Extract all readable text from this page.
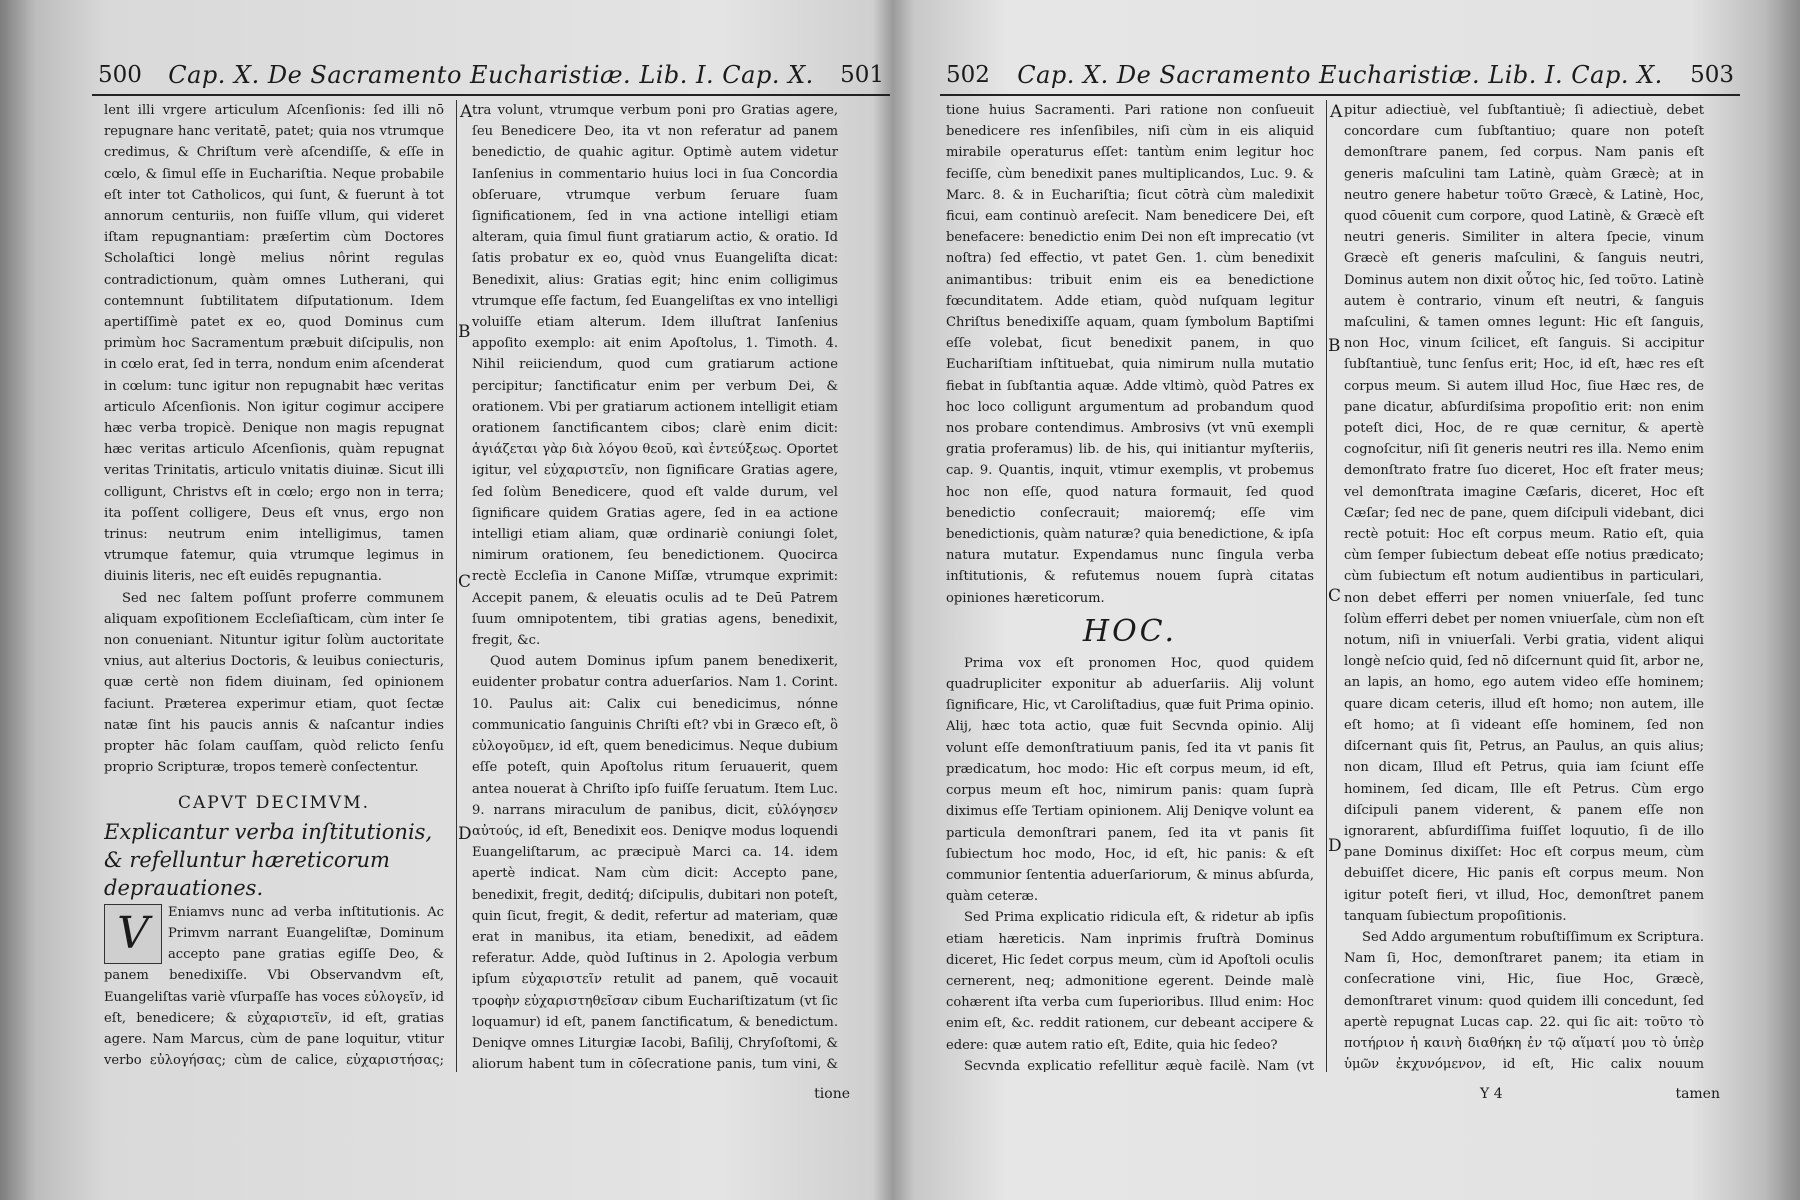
500	Cap. X. De Sacramento Eucharistiæ. Lib. I. Cap. X.	501
A
B
C
D

lent illi vrgere articulum Aſcenſionis: ſed illi nō repugnare hanc veritatē, patet; quia nos vtrumque credimus, & Chriſtum verè aſcendiſſe, & eſſe in cœlo, & ſimul eſſe in Euchariſtia. Neque probabile eſt inter tot Catholicos, qui ſunt, & fuerunt à tot annorum centuriis, non fuiſſe vllum, qui videret iſtam repugnantiam: præſertim cùm Doctores Scholaſtici longè melius nôrint regulas contradictionum, quàm omnes Lutherani, qui contemnunt ſubtilitatem diſputationum. Idem apertiſſimè patet ex eo, quod Dominus cum primùm hoc Sacramentum præbuit diſcipulis, non in cœlo erat, ſed in terra, nondum enim aſcenderat in cœlum: tunc igitur non repugnabit hæc veritas articulo Aſcenſionis. Non igitur cogimur accipere hæc verba tropicè. Denique non magis repugnat hæc veritas articulo Aſcenſionis, quàm repugnat veritas Trinitatis, articulo vnitatis diuinæ. Sicut illi colligunt, Christvs eſt in cœlo; ergo non in terra; ita poſſent colligere, Deus eſt vnus, ergo non trinus: neutrum enim intelligimus, tamen vtrumque fatemur, quia vtrumque legimus in diuinis literis, nec eſt euidēs repugnantia.

Sed nec ſaltem poſſunt proferre communem aliquam expoſitionem Eccleſiaſticam, cùm inter ſe non conueniant. Nituntur igitur ſolùm auctoritate vnius, aut alterius Doctoris, & leuibus coniecturis, quæ certè non fidem diuinam, ſed opinionem faciunt. Præterea experimur etiam, quot ſectæ natæ ſint his paucis annis & naſcantur indies propter hāc ſolam cauſſam, quòd relicto ſenſu proprio Scripturæ, tropos temerè conſectentur.

CAPVT DECIMVM.
Explicantur verba inſtitutionis, & refelluntur hæreticorum deprauationes.
V	Eniamvs nunc ad verba inſtitutionis. Ac Primvm narrant Euangeliſtæ, Dominum accepto pane gratias egiſſe Deo, & panem benedixiſſe. Vbi Observandvm eſt, Euangeliſtas variè vſurpaſſe has voces εὐλογεῖν, id eſt, benedicere; & εὐχαριστεῖν, id eſt, gratias agere. Nam Marcus, cùm de pane loquitur, vtitur verbo εὐλογήσας; cùm de calice, εὐχαριστήσας;

tra volunt, vtrumque verbum poni pro Gratias agere, ſeu Benedicere Deo, ita vt non referatur ad panem benedictio, de quahic agitur. Optimè autem videtur Ianſenius in commentario huius loci in ſua Concordia obſeruare, vtrumque verbum ſeruare ſuam ſignificationem, ſed in vna actione intelligi etiam alteram, quia ſimul fiunt gratiarum actio, & oratio. Id ſatis probatur ex eo, quòd vnus Euangeliſta dicat: Benedixit, alius: Gratias egit; hinc enim colligimus vtrumque eſſe factum, ſed Euangeliſtas ex vno intelligi voluiſſe etiam alterum. Idem illuſtrat Ianſenius appoſito exemplo: ait enim Apoſtolus, 1. Timoth. 4. Nihil reiiciendum, quod cum gratiarum actione percipitur; ſanctificatur enim per verbum Dei, & orationem. Vbi per gratiarum actionem intelligit etiam orationem ſanctificantem cibos; clarè enim dicit: ἁγιάζεται γὰρ διὰ λόγου θεοῦ, καὶ ἐντεύξεως. Oportet igitur, vel εὐχαριστεῖν, non ſignificare Gratias agere, ſed ſolùm Benedicere, quod eſt valde durum, vel ſignificare quidem Gratias agere, ſed in ea actione intelligi etiam aliam, quæ ordinariè coniungi ſolet, nimirum orationem, ſeu benedictionem. Quocirca rectè Eccleſia in Canone Miſſæ, vtrumque exprimit: Accepit panem, & eleuatis oculis ad te Deū Patrem ſuum omnipotentem, tibi gratias agens, benedixit, fregit, &c.

Quod autem Dominus ipſum panem benedixerit, euidenter probatur contra aduerſarios. Nam 1. Corint. 10. Paulus ait: Calix cui benedicimus, nónne communicatio ſanguinis Chriſti eſt? vbi in Græco eſt, ὃ εὐλογοῦμεν, id eſt, quem benedicimus. Neque dubium eſſe poteſt, quin Apoſtolus ritum ſeruauerit, quem antea nouerat à Chriſto ipſo fuiſſe ſeruatum. Item Luc. 9. narrans miraculum de panibus, dicit, εὐλόγησεν αὐτούς, id eſt, Benedixit eos. Deniqve modus loquendi Euangeliſtarum, ac præcipuè Marci ca. 14. idem apertè indicat. Nam cùm dicit: Accepto pane, benedixit, fregit, deditq́; diſcipulis, dubitari non poteſt, quin ſicut, fregit, & dedit, refertur ad materiam, quæ erat in manibus, ita etiam, benedixit, ad eādem referatur. Adde, quòd Iuſtinus in 2. Apologia verbum ipſum εὐχαριστεῖν retulit ad panem, quē vocauit τροφὴν εὐχαριστηθεῖσαν cibum Euchariſtizatum (vt ſic loquamur) id eſt, panem ſanctificatum, & benedictum. Deniqve omnes Liturgiæ Iacobi, Baſilij, Chryſoſtomi, & aliorum habent tum in cōſecratione panis, tum vini, &

tione
502	Cap. X. De Sacramento Eucharistiæ. Lib. I. Cap. X.	503
A
B
C
D

tione huius Sacramenti. Pari ratione non conſueuit benedicere res inſenſibiles, niſi cùm in eis aliquid mirabile operaturus eſſet: tantùm enim legitur hoc feciſſe, cùm benedixit panes multiplicandos, Luc. 9. & Marc. 8. & in Euchariſtia; ſicut cōtrà cùm maledixit ficui, eam continuò areſecit. Nam benedicere Dei, eſt benefacere: benedictio enim Dei non eſt imprecatio (vt noſtra) ſed effectio, vt patet Gen. 1. cùm benedixit animantibus: tribuit enim eis ea benedictione fœcunditatem. Adde etiam, quòd nuſquam legitur Chriſtus benedixiſſe aquam, quam ſymbolum Baptiſmi eſſe volebat, ſicut benedixit panem, in quo Euchariſtiam inſtituebat, quia nimirum nulla mutatio fiebat in ſubſtantia aquæ. Adde vltimò, quòd Patres ex hoc loco colligunt argumentum ad probandum quod nos probare contendimus. Ambrosivs (vt vnū exempli gratia proferamus) lib. de his, qui initiantur myſteriis, cap. 9. Quantis, inquit, vtimur exemplis, vt probemus hoc non eſſe, quod natura formauit, ſed quod benedictio conſecrauit; maioremq́; eſſe vim benedictionis, quàm naturæ? quia benedictione, & ipſa natura mutatur. Expendamus nunc ſingula verba inſtitutionis, & refutemus nouem ſuprà citatas opiniones hæreticorum.

HOC.

Prima vox eſt pronomen Hoc, quod quidem quadrupliciter exponitur ab aduerſariis. Alij volunt ſignificare, Hic, vt Caroliſtadius, quæ fuit Prima opinio. Alij, hæc tota actio, quæ fuit Secvnda opinio. Alij volunt eſſe demonſtratiuum panis, ſed ita vt panis ſit prædicatum, hoc modo: Hic eſt corpus meum, id eſt, corpus meum eſt hoc, nimirum panis: quam ſuprà diximus eſſe Tertiam opinionem. Alij Deniqve volunt ea particula demonſtrari panem, ſed ita vt panis ſit ſubiectum hoc modo, Hoc, id eſt, hic panis: & eſt communior ſententia aduerſariorum, & minus abſurda, quàm ceteræ.

Sed Prima explicatio ridicula eſt, & ridetur ab ipſis etiam hæreticis. Nam inprimis fruſtrà Dominus diceret, Hic ſedet corpus meum, cùm id Apoſtoli oculis cernerent, neq; admonitione egerent. Deinde malè cohærent iſta verba cum ſuperioribus. Illud enim: Hoc enim eſt, &c. reddit rationem, cur debeant accipere & edere: quæ autem ratio eſt, Edite, quia hic ſedeo?

Secvnda explicatio refellitur æquè facilè. Nam (vt

pitur adiectiuè, vel ſubſtantiuè; ſi adiectiuè, debet concordare cum ſubſtantiuo; quare non poteſt demonſtrare panem, ſed corpus. Nam panis eſt generis maſculini tam Latinè, quàm Græcè; at in neutro genere habetur τοῦτο Græcè, & Latinè, Hoc, quod cōuenit cum corpore, quod Latinè, & Græcè eſt neutri generis. Similiter in altera ſpecie, vinum Græcè eſt generis maſculini, & ſanguis neutri, Dominus autem non dixit οὗτος hic, ſed τοῦτο. Latinè autem è contrario, vinum eſt neutri, & ſanguis maſculini, & tamen omnes legunt: Hic eſt ſanguis, non Hoc, vinum ſcilicet, eſt ſanguis. Si accipitur ſubſtantiuè, tunc ſenſus erit; Hoc, id eſt, hæc res eſt corpus meum. Si autem illud Hoc, ſiue Hæc res, de pane dicatur, abſurdiſsima propoſitio erit: non enim poteſt dici, Hoc, de re quæ cernitur, & apertè cognoſcitur, niſi ſit generis neutri res illa. Nemo enim demonſtrato fratre ſuo diceret, Hoc eſt frater meus; vel demonſtrata imagine Cæſaris, diceret, Hoc eſt Cæſar; ſed nec de pane, quem diſcipuli videbant, dici rectè potuit: Hoc eſt corpus meum. Ratio eſt, quia cùm ſemper ſubiectum debeat eſſe notius prædicato; cùm ſubiectum eſt notum audientibus in particulari, non debet efferri per nomen vniuerſale, ſed tunc ſolùm efferri debet per nomen vniuerſale, cùm non eſt notum, niſi in vniuerſali. Verbi gratia, vident aliqui longè neſcio quid, ſed nō diſcernunt quid ſit, arbor ne, an lapis, an homo, ego autem video eſſe hominem; quare dicam ceteris, illud eſt homo; non autem, ille eſt homo; at ſi videant eſſe hominem, ſed non diſcernant quis ſit, Petrus, an Paulus, an quis alius; non dicam, Illud eſt Petrus, quia iam ſciunt eſſe hominem, ſed dicam, Ille eſt Petrus. Cùm ergo diſcipuli panem viderent, & panem eſſe non ignorarent, abſurdiſſima fuiſſet loquutio, ſi de illo pane Dominus dixiſſet: Hoc eſt corpus meum, cùm debuiſſet dicere, Hic panis eſt corpus meum. Non igitur poteſt fieri, vt illud, Hoc, demonſtret panem tanquam ſubiectum propoſitionis.

Sed Addo argumentum robuſtiſſimum ex Scriptura. Nam ſi, Hoc, demonſtraret panem; ita etiam in conſecratione vini, Hic, ſiue Hoc, Græcè, demonſtraret vinum: quod quidem illi concedunt, ſed apertè repugnat Lucas cap. 22. qui ſic ait: τοῦτο τὸ ποτήριον ἡ καινὴ διαθήκη ἐν τῷ αἵματί μου τὸ ὑπὲρ ὑμῶν ἐκχυνόμενον, id eſt, Hic calix nouum

Y 4	tamen
